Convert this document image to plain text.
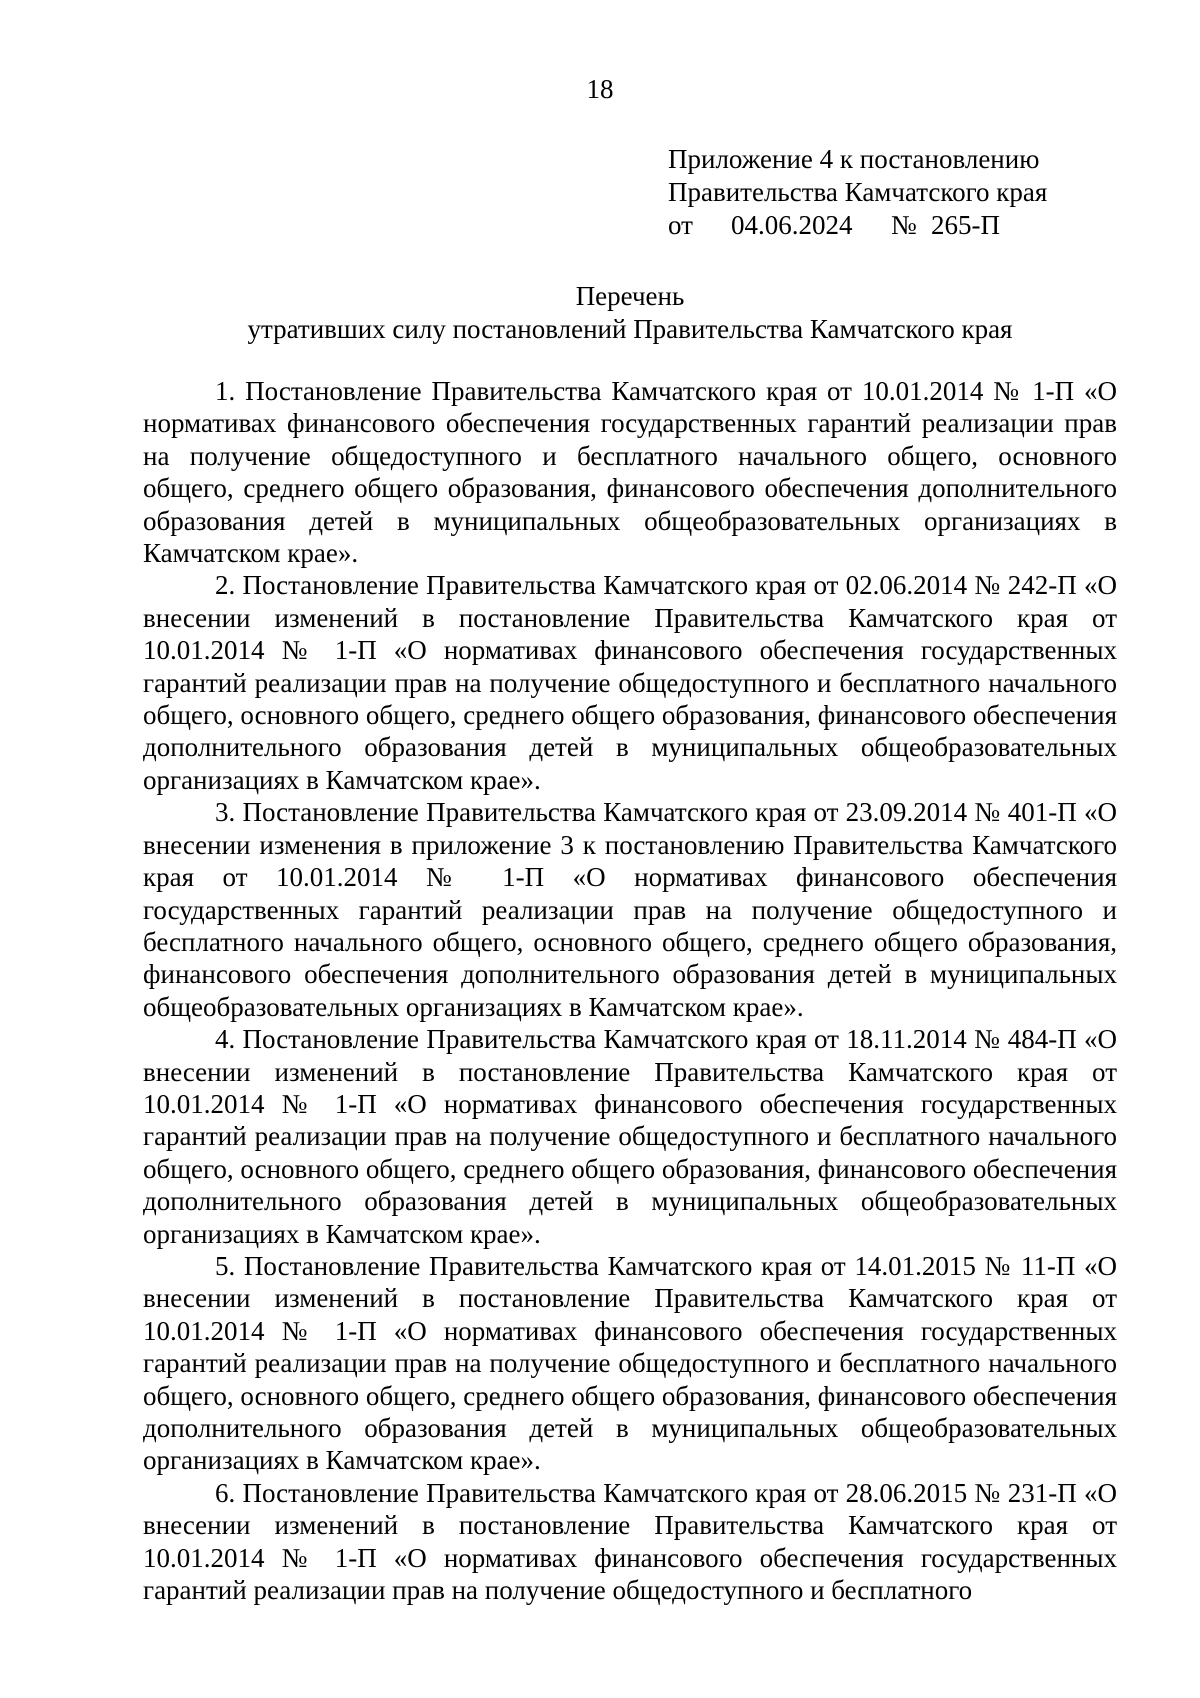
18
Приложение 4 к постановлению
Правительства Камчатского края
от 04.06.2024 № 265-П
Перечень
утративших силу постановлений Правительства Камчатского края

1. Постановление Правительства Камчатского края от 10.01.2014 № 1-П «О нормативах финансового обеспечения государственных гарантий реализации прав на получение общедоступного и бесплатного начального общего, основного общего, среднего общего образования, финансового обеспечения дополнительного образования детей в муниципальных общеобразовательных организациях в Камчатском крае».

2. Постановление Правительства Камчатского края от 02.06.2014 № 242-П «О внесении изменений в постановление Правительства Камчатского края от 10.01.2014 № 1-П «О нормативах финансового обеспечения государственных гарантий реализации прав на получение общедоступного и бесплатного начального общего, основного общего, среднего общего образования, финансового обеспечения дополнительного образования детей в муниципальных общеобразовательных организациях в Камчатском крае».

3. Постановление Правительства Камчатского края от 23.09.2014 № 401-П «О внесении изменения в приложение 3 к постановлению Правительства Камчатского края от 10.01.2014 № 1-П «О нормативах финансового обеспечения государственных гарантий реализации прав на получение общедоступного и бесплатного начального общего, основного общего, среднего общего образования, финансового обеспечения дополнительного образования детей в муниципальных общеобразовательных организациях в Камчатском крае».

4. Постановление Правительства Камчатского края от 18.11.2014 № 484-П «О внесении изменений в постановление Правительства Камчатского края от 10.01.2014 № 1-П «О нормативах финансового обеспечения государственных гарантий реализации прав на получение общедоступного и бесплатного начального общего, основного общего, среднего общего образования, финансового обеспечения дополнительного образования детей в муниципальных общеобразовательных организациях в Камчатском крае».

5. Постановление Правительства Камчатского края от 14.01.2015 № 11-П «О внесении изменений в постановление Правительства Камчатского края от 10.01.2014 № 1-П «О нормативах финансового обеспечения государственных гарантий реализации прав на получение общедоступного и бесплатного начального общего, основного общего, среднего общего образования, финансового обеспечения дополнительного образования детей в муниципальных общеобразовательных организациях в Камчатском крае».

6. Постановление Правительства Камчатского края от 28.06.2015 № 231-П «О внесении изменений в постановление Правительства Камчатского края от 10.01.2014 № 1-П «О нормативах финансового обеспечения государственных гарантий реализации прав на получение общедоступного и бесплатного
